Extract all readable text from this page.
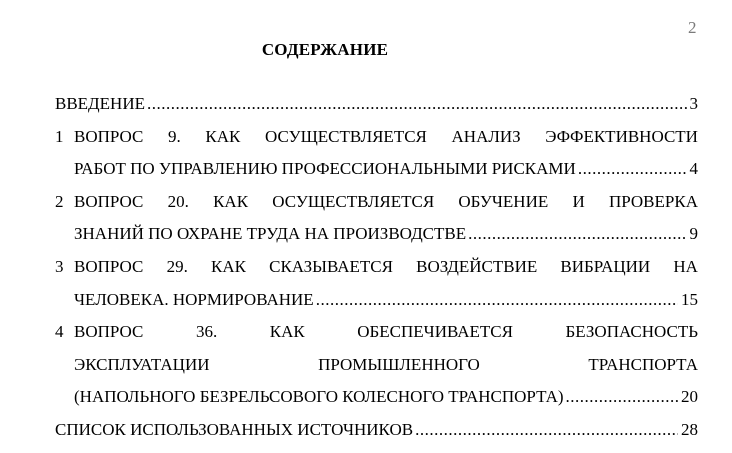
2
СОДЕРЖАНИЕ
ВВЕДЕНИЕ .....	3
1 ВОПРОС 9. КАК ОСУЩЕСТВЛЯЕТСЯ АНАЛИЗ ЭФФЕКТИВНОСТИ
РАБОТ ПО УПРАВЛЕНИЮ ПРОФЕССИОНАЛЬНЫМИ РИСКАМИ .....	4
2 ВОПРОС 20. КАК ОСУЩЕСТВЛЯЕТСЯ ОБУЧЕНИЕ И ПРОВЕРКА
ЗНАНИЙ ПО ОХРАНЕ ТРУДА НА ПРОИЗВОДСТВЕ .....	9
3 ВОПРОС 29. КАК СКАЗЫВАЕТСЯ ВОЗДЕЙСТВИЕ ВИБРАЦИИ НА
ЧЕЛОВЕКА. НОРМИРОВАНИЕ .....	15
4 ВОПРОС	36.	КАК	ОБЕСПЕЧИВАЕТСЯ	БЕЗОПАСНОСТЬ
ЭКСПЛУАТАЦИИ	ПРОМЫШЛЕННОГО	ТРАНСПОРТА
(НАПОЛЬНОГО БЕЗРЕЛЬСОВОГО КОЛЕСНОГО ТРАНСПОРТА) .....	20
СПИСОК ИСПОЛЬЗОВАННЫХ ИСТОЧНИКОВ .....	28
